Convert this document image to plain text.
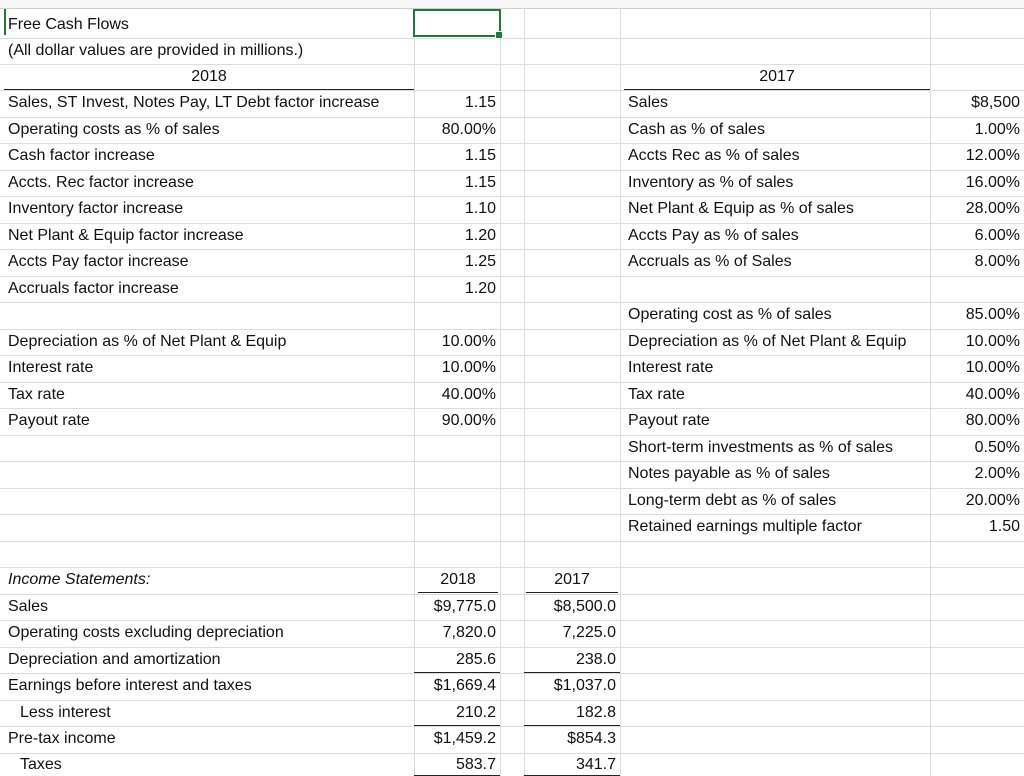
Free Cash Flows
(All dollar values are provided in millions.)
2018	2017
Sales, ST Invest, Notes Pay, LT Debt factor increase	1.15
Operating costs as % of sales	80.00%
Cash factor increase	1.15
Accts. Rec factor increase	1.15
Inventory factor increase	1.10
Net Plant & Equip factor increase	1.20
Accts Pay factor increase	1.25
Accruals factor increase	1.20
Depreciation as % of Net Plant & Equip	10.00%
Interest rate	10.00%
Tax rate	40.00%
Payout rate	90.00%
Sales	$8,500
Cash as % of sales	1.00%
Accts Rec as % of sales	12.00%
Inventory as % of sales	16.00%
Net Plant & Equip as % of sales	28.00%
Accts Pay as % of sales	6.00%
Accruals as % of Sales	8.00%
Operating cost as % of sales	85.00%
Depreciation as % of Net Plant & Equip	10.00%
Interest rate	10.00%
Tax rate	40.00%
Payout rate	80.00%
Short-term investments as % of sales	0.50%
Notes payable as % of sales	2.00%
Long-term debt as % of sales	20.00%
Retained earnings multiple factor	1.50
Income Statements:	2018	2017
Sales	$9,775.0	$8,500.0
Operating costs excluding depreciation	7,820.0	7,225.0
Depreciation and amortization	285.6	238.0
Earnings before interest and taxes	$1,669.4	$1,037.0
Less interest	210.2	182.8
Pre-tax income	$1,459.2	$854.3
Taxes	583.7	341.7
